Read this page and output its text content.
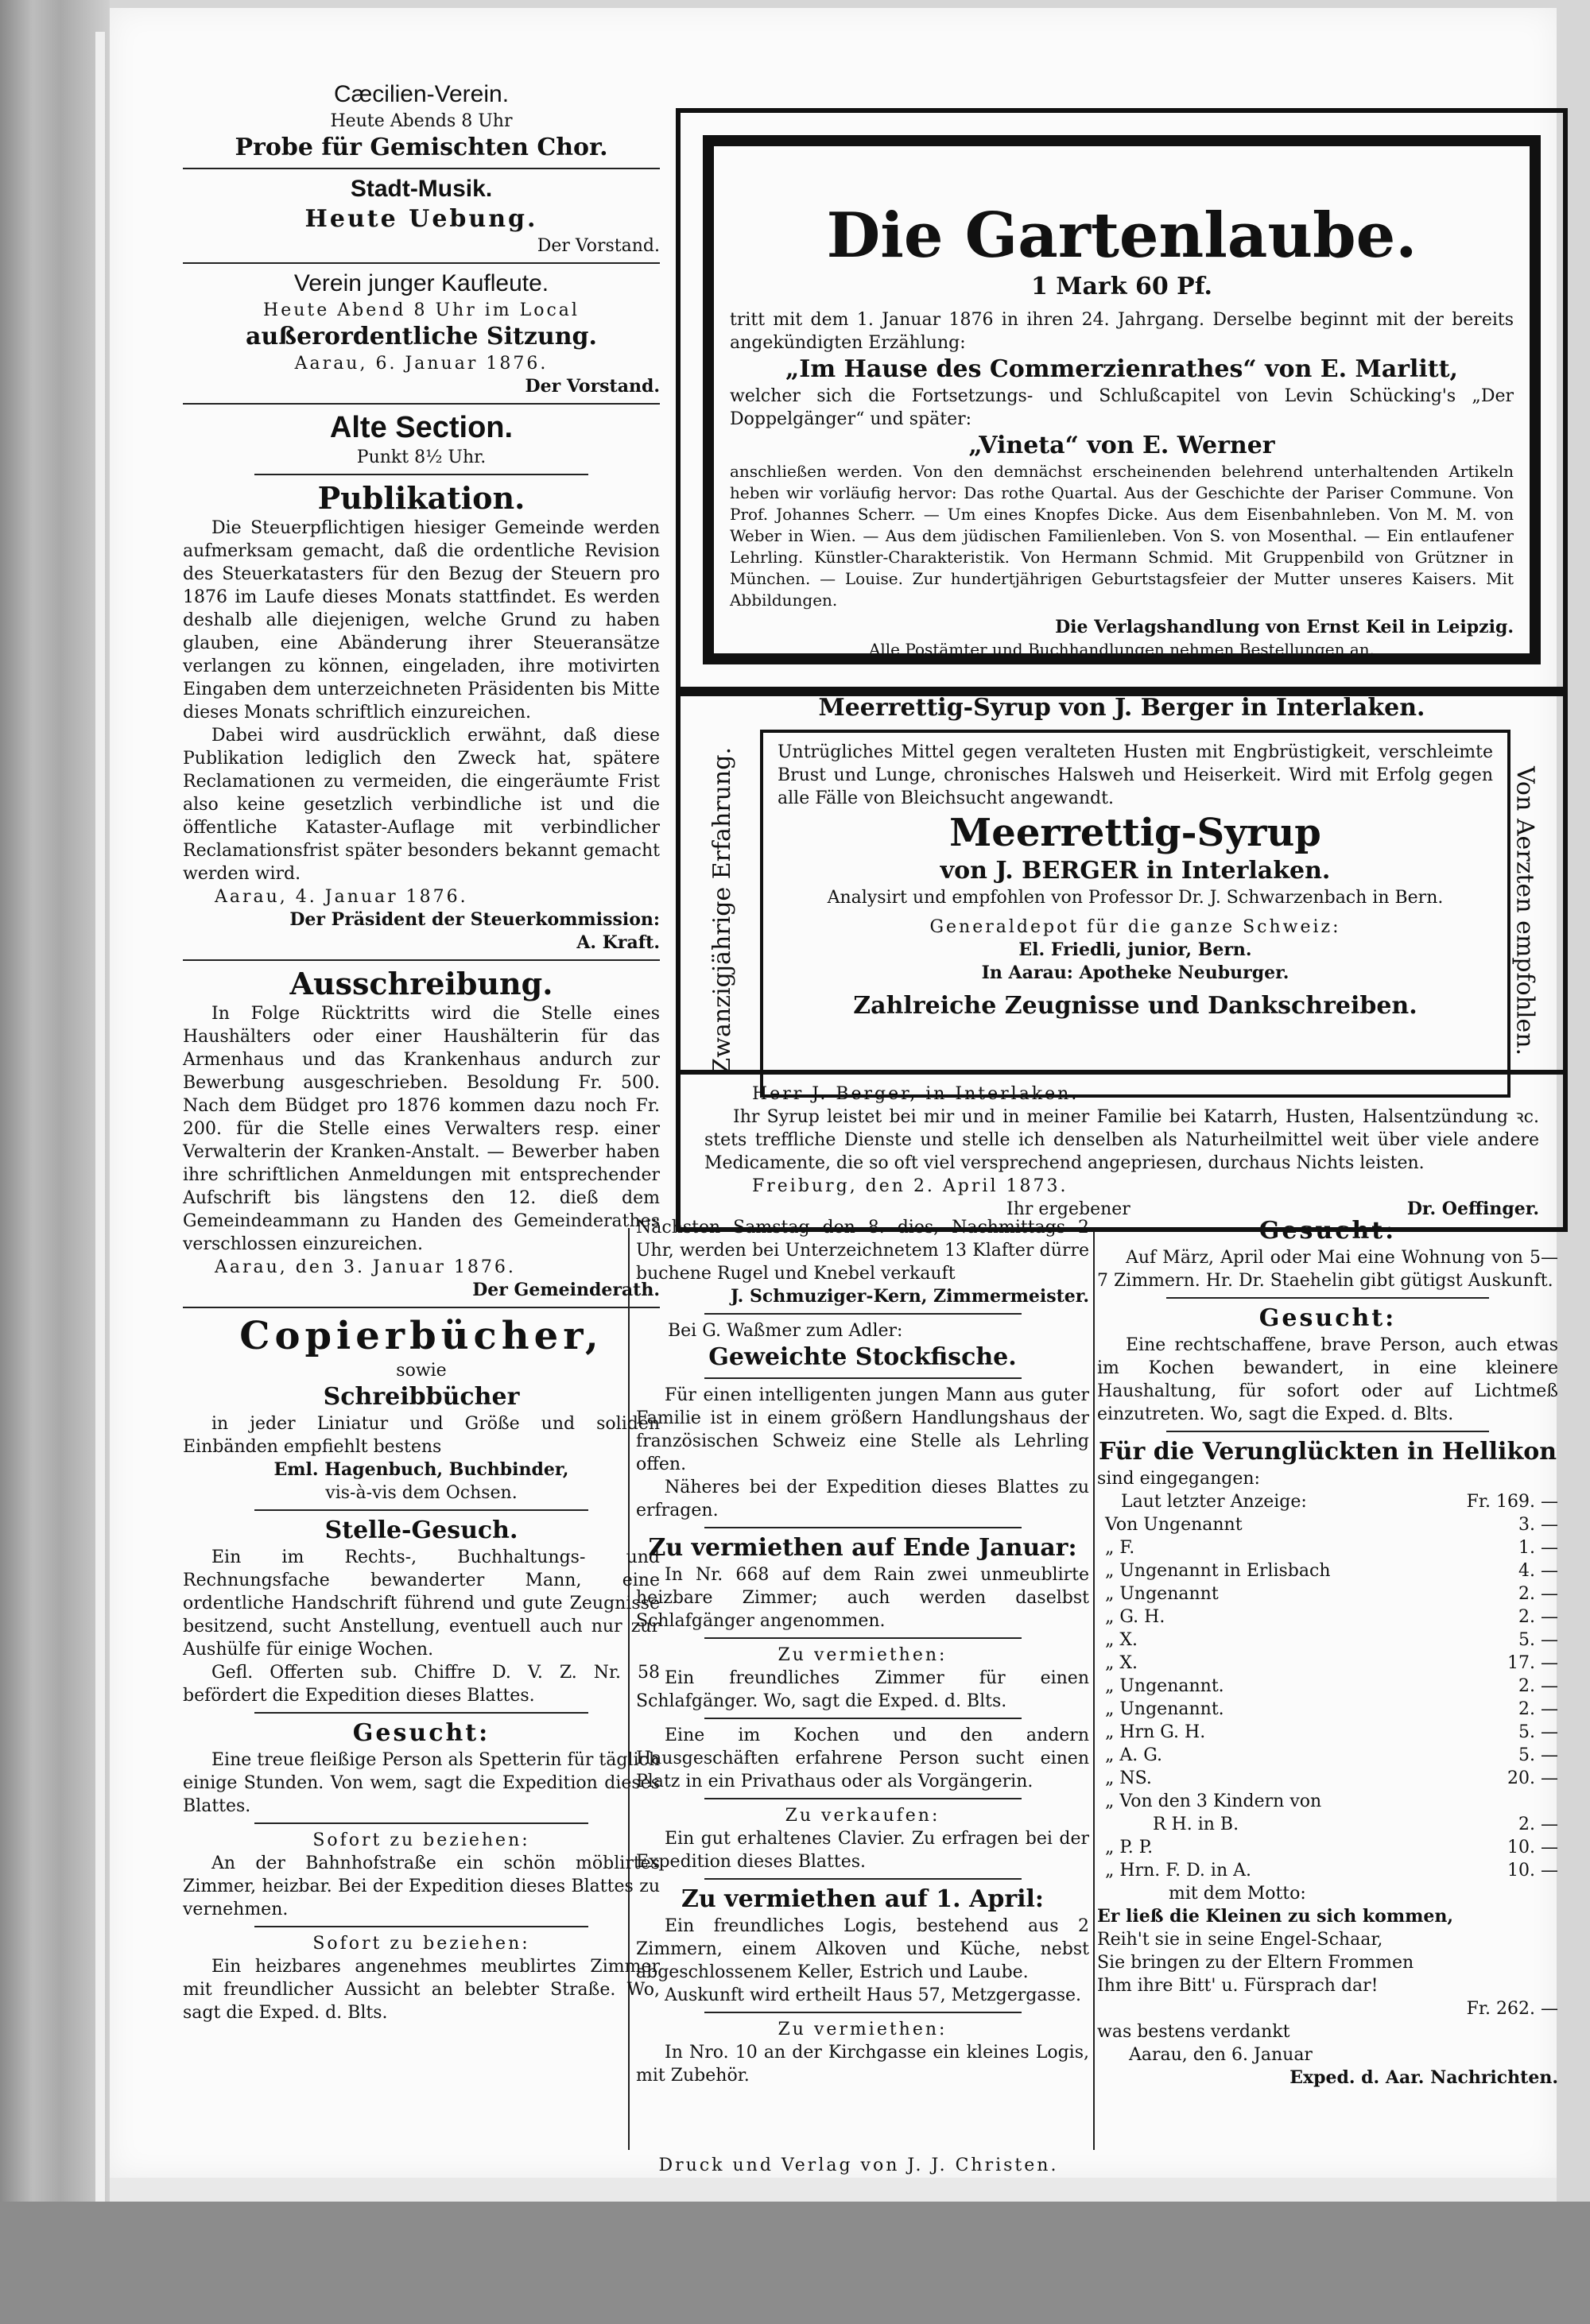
Cæcilien-Verein.
Heute Abends 8 Uhr
Probe für Gemischten Chor.
Stadt-Musik.
Heute Uebung.
Der Vorstand.
Verein junger Kaufleute.
Heute Abend 8 Uhr im Local
außerordentliche Sitzung.
Aarau, 6. Januar 1876.
Der Vorstand.
Alte Section.
Punkt 8½ Uhr.
Publikation.

Die Steuerpflichtigen hiesiger Gemeinde werden aufmerksam gemacht, daß die ordentliche Revision des Steuerkatasters für den Bezug der Steuern pro 1876 im Laufe dieses Monats stattfindet. Es werden deshalb alle diejenigen, welche Grund zu haben glauben, eine Abänderung ihrer Steueransätze verlangen zu können, eingeladen, ihre motivirten Eingaben dem unterzeichneten Präsidenten bis Mitte dieses Monats schriftlich einzureichen.

Dabei wird ausdrücklich erwähnt, daß diese Publikation lediglich den Zweck hat, spätere Reclamationen zu vermeiden, die eingeräumte Frist also keine gesetzlich verbindliche ist und die öffentliche Kataster-Auflage mit verbindlicher Reclamationsfrist später besonders bekannt gemacht werden wird.

Aarau, 4. Januar 1876.
Der Präsident der Steuerkommission:
A. Kraft.
Ausschreibung.

In Folge Rücktritts wird die Stelle eines Haushälters oder einer Haushälterin für das Armenhaus und das Krankenhaus andurch zur Bewerbung ausgeschrieben. Besoldung Fr. 500. Nach dem Büdget pro 1876 kommen dazu noch Fr. 200. für die Stelle eines Verwalters resp. einer Verwalterin der Kranken-Anstalt. — Bewerber haben ihre schriftlichen Anmeldungen mit entsprechender Aufschrift bis längstens den 12. dieß dem Gemeindeammann zu Handen des Gemeinderathes verschlossen einzureichen.

Aarau, den 3. Januar 1876.
Der Gemeinderath.
Copierbücher,
sowie
Schreibbücher

in jeder Liniatur und Größe und soliden Einbänden empfiehlt bestens

Eml. Hagenbuch, Buchbinder,
vis-à-vis dem Ochsen.
Stelle-Gesuch.

Ein im Rechts-, Buchhaltungs- und Rechnungsfache bewanderter Mann, eine ordentliche Handschrift führend und gute Zeugnisse besitzend, sucht Anstellung, eventuell auch nur zur Aushülfe für einige Wochen.

Gefl. Offerten sub. Chiffre D. V. Z. Nr. 58 befördert die Expedition dieses Blattes.

Gesucht:

Eine treue fleißige Person als Spetterin für täglich einige Stunden. Von wem, sagt die Expedition dieses Blattes.

Sofort zu beziehen:

An der Bahnhofstraße ein schön möblirtes Zimmer, heizbar. Bei der Expedition dieses Blattes zu vernehmen.

Sofort zu beziehen:

Ein heizbares angenehmes meublirtes Zimmer mit freundlicher Aussicht an belebter Straße. Wo, sagt die Exped. d. Blts.

Die Gartenlaube.
1 Mark 60 Pf.

tritt mit dem 1. Januar 1876 in ihren 24. Jahrgang. Derselbe beginnt mit der bereits angekündigten Erzählung:

„Im Hause des Commerzienrathes“ von E. Marlitt,

welcher sich die Fortsetzungs- und Schlußcapitel von Levin Schücking's „Der Doppelgänger“ und später:

„Vineta“ von E. Werner

anschließen werden. Von den demnächst erscheinenden belehrend unterhaltenden Artikeln heben wir vorläufig hervor: Das rothe Quartal. Aus der Geschichte der Pariser Commune. Von Prof. Johannes Scherr. — Um eines Knopfes Dicke. Aus dem Eisenbahnleben. Von M. M. von Weber in Wien. — Aus dem jüdischen Familienleben. Von S. von Mosenthal. — Ein entlaufener Lehrling. Künstler-Charakteristik. Von Hermann Schmid. Mit Gruppenbild von Grützner in München. — Louise. Zur hundertjährigen Geburtstagsfeier der Mutter unseres Kaisers. Mit Abbildungen.

Die Verlagshandlung von Ernst Keil in Leipzig.
Alle Postämter und Buchhandlungen nehmen Bestellungen an.
Meerrettig-Syrup von J. Berger in Interlaken.
Zwanzigjährige Erfahrung.	Von Aerzten empfohlen.

Untrügliches Mittel gegen veralteten Husten mit Engbrüstigkeit, verschleimte Brust und Lunge, chronisches Halsweh und Heiserkeit. Wird mit Erfolg gegen alle Fälle von Bleichsucht angewandt.

Meerrettig-Syrup
von J. BERGER in Interlaken.
Analysirt und empfohlen von Professor Dr. J. Schwarzenbach in Bern.
Generaldepot für die ganze Schweiz:
El. Friedli, junior, Bern.
In Aarau: Apotheke Neuburger.
Zahlreiche Zeugnisse und Dankschreiben.
Herr J. Berger, in Interlaken.

Ihr Syrup leistet bei mir und in meiner Familie bei Katarrh, Husten, Halsentzündung ꝛc. stets treffliche Dienste und stelle ich denselben als Naturheilmittel weit über viele andere Medicamente, die so oft viel versprechend angepriesen, durchaus Nichts leisten.

Freiburg, den 2. April 1873.
Ihr ergebener	Dr. Oeffinger.

Nächsten Samstag den 8. dies, Nachmittags 2 Uhr, werden bei Unterzeichnetem 13 Klafter dürre buchene Rugel und Knebel verkauft

J. Schmuziger-Kern, Zimmermeister.
Bei G. Waßmer zum Adler:
Geweichte Stockfische.

Für einen intelligenten jungen Mann aus guter Familie ist in einem größern Handlungshaus der französischen Schweiz eine Stelle als Lehrling offen.

Näheres bei der Expedition dieses Blattes zu erfragen.

Zu vermiethen auf Ende Januar:

In Nr. 668 auf dem Rain zwei unmeublirte heizbare Zimmer; auch werden daselbst Schlafgänger angenommen.

Zu vermiethen:

Ein freundliches Zimmer für einen Schlafgänger. Wo, sagt die Exped. d. Blts.

Eine im Kochen und den andern Hausgeschäften erfahrene Person sucht einen Platz in ein Privathaus oder als Vorgängerin.

Zu verkaufen:

Ein gut erhaltenes Clavier. Zu erfragen bei der Expedition dieses Blattes.

Zu vermiethen auf 1. April:

Ein freundliches Logis, bestehend aus 2 Zimmern, einem Alkoven und Küche, nebst abgeschlossenem Keller, Estrich und Laube.

Auskunft wird ertheilt Haus 57, Metzgergasse.

Zu vermiethen:

In Nro. 10 an der Kirchgasse ein kleines Logis, mit Zubehör.

Gesucht:

Auf März, April oder Mai eine Wohnung von 5—7 Zimmern. Hr. Dr. Staehelin gibt gütigst Auskunft.

Gesucht:

Eine rechtschaffene, brave Person, auch etwas im Kochen bewandert, in eine kleinere Haushaltung, für sofort oder auf Lichtmeß einzutreten. Wo, sagt die Exped. d. Blts.

Für die Verunglückten in Hellikon
sind eingegangen:
Laut letzter Anzeige:	Fr. 169. —
Von Ungenannt	3. —
„ F.	1. —
„ Ungenannt in Erlisbach	4. —
„ Ungenannt	2. —
„ G. H.	2. —
„ X.	5. —
„ X.	17. —
„ Ungenannt.	2. —
„ Ungenannt.	2. —
„ Hrn G. H.	5. —
„ A. G.	5. —
„ NS.	20. —
„ Von den 3 Kindern von
R H. in B.	2. —
„ P. P.	10. —
„ Hrn. F. D. in A.	10. —
mit dem Motto:
Er ließ die Kleinen zu sich kommen,
Reih't sie in seine Engel-Schaar,
Sie bringen zu der Eltern Frommen
Ihm ihre Bitt' u. Fürsprach dar!
Fr. 262. —
was bestens verdankt
Aarau, den 6. Januar
Exped. d. Aar. Nachrichten.
Druck und Verlag von J. J. Christen.
